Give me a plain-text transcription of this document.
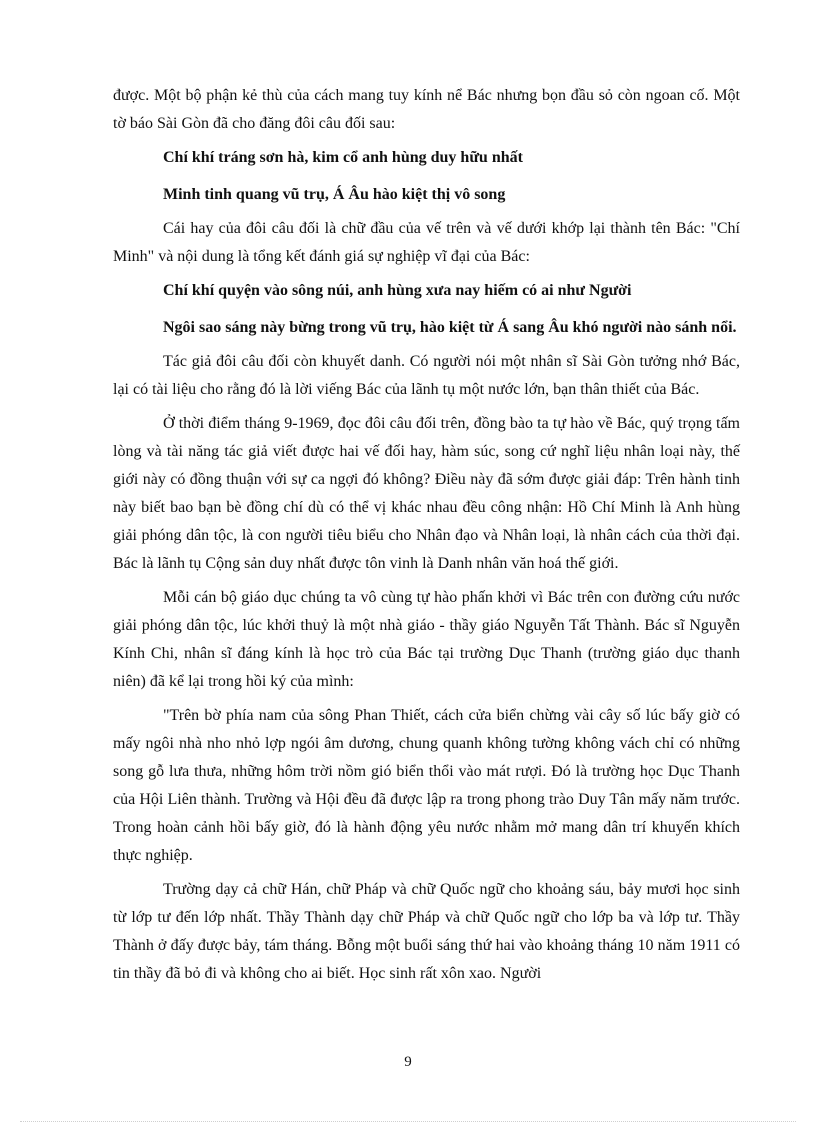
được. Một bộ phận kẻ thù của cách mang tuy kính nể Bác nhưng bọn đầu sỏ còn ngoan cố. Một tờ báo Sài Gòn đã cho đăng đôi câu đối sau:

Chí khí tráng sơn hà, kim cổ anh hùng duy hữu nhất

Minh tinh quang vũ trụ, Á Âu hào kiệt thị vô song

Cái hay của đôi câu đối là chữ đầu của vế trên và vế dưới khớp lại thành tên Bác: "Chí Minh" và nội dung là tổng kết đánh giá sự nghiệp vĩ đại của Bác:

Chí khí quyện vào sông núi, anh hùng xưa nay hiếm có ai như Người

Ngôi sao sáng này bừng trong vũ trụ, hào kiệt từ Á sang Âu khó người nào sánh nổi.

Tác giả đôi câu đối còn khuyết danh. Có người nói một nhân sĩ Sài Gòn tưởng nhớ Bác, lại có tài liệu cho rằng đó là lời viếng Bác của lãnh tụ một nước lớn, bạn thân thiết của Bác.

Ở thời điểm tháng 9-1969, đọc đôi câu đối trên, đồng bào ta tự hào về Bác, quý trọng tấm lòng và tài năng tác giả viết được hai vế đối hay, hàm súc, song cứ nghĩ liệu nhân loại này, thế giới này có đồng thuận với sự ca ngợi đó không? Điều này đã sớm được giải đáp: Trên hành tinh này biết bao bạn bè đồng chí dù có thể vị khác nhau đều công nhận: Hồ Chí Minh là Anh hùng giải phóng dân tộc, là con người tiêu biểu cho Nhân đạo và Nhân loại, là nhân cách của thời đại. Bác là lãnh tụ Cộng sản duy nhất được tôn vinh là Danh nhân văn hoá thế giới.

Mỗi cán bộ giáo dục chúng ta vô cùng tự hào phấn khởi vì Bác trên con đường cứu nước giải phóng dân tộc, lúc khởi thuỷ là một nhà giáo - thầy giáo Nguyễn Tất Thành. Bác sĩ Nguyễn Kính Chi, nhân sĩ đáng kính là học trò của Bác tại trường Dục Thanh (trường giáo dục thanh niên) đã kể lại trong hồi ký của mình:

"Trên bờ phía nam của sông Phan Thiết, cách cửa biển chừng vài cây số lúc bấy giờ có mấy ngôi nhà nho nhỏ lợp ngói âm dương, chung quanh không tường không vách chỉ có những song gỗ lưa thưa, những hôm trời nồm gió biển thổi vào mát rượi. Đó là trường học Dục Thanh của Hội Liên thành. Trường và Hội đều đã được lập ra trong phong trào Duy Tân mấy năm trước. Trong hoàn cảnh hồi bấy giờ, đó là hành động yêu nước nhằm mở mang dân trí khuyến khích thực nghiệp.

Trường dạy cả chữ Hán, chữ Pháp và chữ Quốc ngữ cho khoảng sáu, bảy mươi học sinh từ lớp tư đến lớp nhất. Thầy Thành dạy chữ Pháp và chữ Quốc ngữ cho lớp ba và lớp tư. Thầy Thành ở đấy được bảy, tám tháng. Bỗng một buổi sáng thứ hai vào khoảng tháng 10 năm 1911 có tin thầy đã bỏ đi và không cho ai biết. Học sinh rất xôn xao. Người

9
